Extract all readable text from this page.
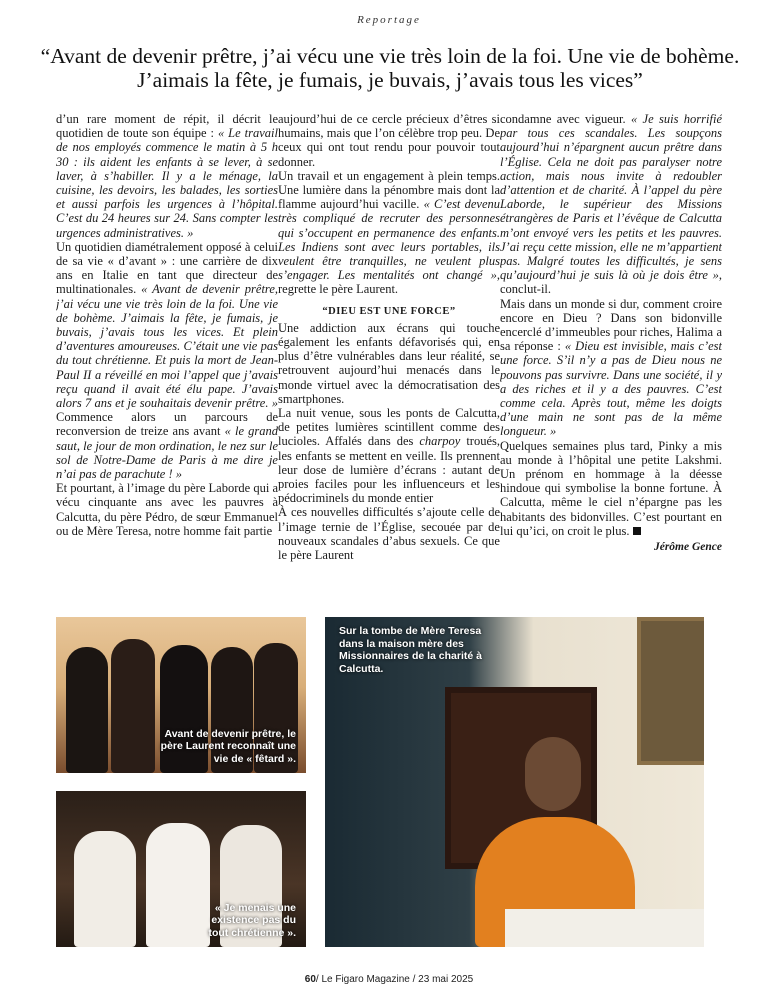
Reportage
“Avant de devenir prêtre, j’ai vécu une vie très loin de la foi. Une vie de bohème. J’aimais la fête, je fumais, je buvais, j’avais tous les vices”

d’un rare moment de répit, il décrit le quotidien de toute son équipe : « Le travail de nos employés commence le matin à 5 h 30 : ils aident les enfants à se lever, à se laver, à s’habiller. Il y a le ménage, la cuisine, les devoirs, les balades, les sorties et aussi parfois les urgences à l’hôpital. C’est du 24 heures sur 24. Sans compter les urgences administratives. »

Un quotidien diamétralement opposé à celui de sa vie « d’avant » : une carrière de dix ans en Italie en tant que directeur de multinationales. « Avant de devenir prêtre, j’ai vécu une vie très loin de la foi. Une vie de bohème. J’aimais la fête, je fumais, je buvais, j’avais tous les vices. Et plein d’aventures amoureuses. C’était une vie pas du tout chrétienne. Et puis la mort de Jean-Paul II a réveillé en moi l’appel que j’avais reçu quand il avait été élu pape. J’avais alors 7 ans et je souhaitais devenir prêtre. » Commence alors un parcours de reconversion de treize ans avant « le grand saut, le jour de mon ordination, le nez sur le sol de Notre-Dame de Paris à me dire je n’ai pas de parachute ! »

Et pourtant, à l’image du père Laborde qui a vécu cinquante ans avec les pauvres à Calcutta, du père Pédro, de sœur Emmanuel ou de Mère Teresa, notre homme fait partie

aujourd’hui de ce cercle précieux d’êtres si humains, mais que l’on célèbre trop peu. De ceux qui ont tout rendu pour pouvoir tout donner.

Un travail et un engagement à plein temps. Une lumière dans la pénombre mais dont la flamme aujourd’hui vacille. « C’est devenu très compliqué de recruter des personnes qui s’occupent en permanence des enfants. Les Indiens sont avec leurs portables, ils veulent être tranquilles, ne veulent plus s’engager. Les mentalités ont changé », regrette le père Laurent.

“DIEU EST UNE FORCE”

Une addiction aux écrans qui touche également les enfants défavorisés qui, en plus d’être vulnérables dans leur réalité, se retrouvent aujourd’hui menacés dans le monde virtuel avec la démocratisation des smartphones.

La nuit venue, sous les ponts de Calcutta, de petites lumières scintillent comme des lucioles. Affalés dans des charpoy troués, les enfants se mettent en veille. Ils prennent leur dose de lumière d’écrans : autant de proies faciles pour les influenceurs et les pédocriminels du monde entier

À ces nouvelles difficultés s’ajoute celle de l’image ternie de l’Église, secouée par de nouveaux scandales d’abus sexuels. Ce que le père Laurent

condamne avec vigueur. « Je suis horrifié par tous ces scandales. Les soupçons aujourd’hui n’épargnent aucun prêtre dans l’Église. Cela ne doit pas paralyser notre action, mais nous invite à redoubler d’attention et de charité. À l’appel du père Laborde, le supérieur des Missions étrangères de Paris et l’évêque de Calcutta m’ont envoyé vers les petits et les pauvres. J’ai reçu cette mission, elle ne m’appartient pas. Malgré toutes les difficultés, je sens qu’aujourd’hui je suis là où je dois être », conclut-il.

Mais dans un monde si dur, comment croire encore en Dieu ? Dans son bidonville encerclé d’immeubles pour riches, Halima a sa réponse : « Dieu est invisible, mais c’est une force. S’il n’y a pas de Dieu nous ne pouvons pas survivre. Dans une société, il y a des riches et il y a des pauvres. C’est comme cela. Après tout, même les doigts d’une main ne sont pas de la même longueur. »

Quelques semaines plus tard, Pinky a mis au monde à l’hôpital une petite Lakshmi. Un prénom en hommage à la déesse hindoue qui symbolise la bonne fortune. À Calcutta, même le ciel n’épargne pas les habitants des bidonvilles. C’est pourtant en lui qu’ici, on croit le plus.

Jérôme Gence
Avant de devenir prêtre, le père Laurent reconnaît une vie de « fêtard ».
« Je menais une existence pas du tout chrétienne ».
Sur la tombe de Mère Teresa dans la maison mère des Missionnaires de la charité à Calcutta.
60/ Le Figaro Magazine / 23 mai 2025
